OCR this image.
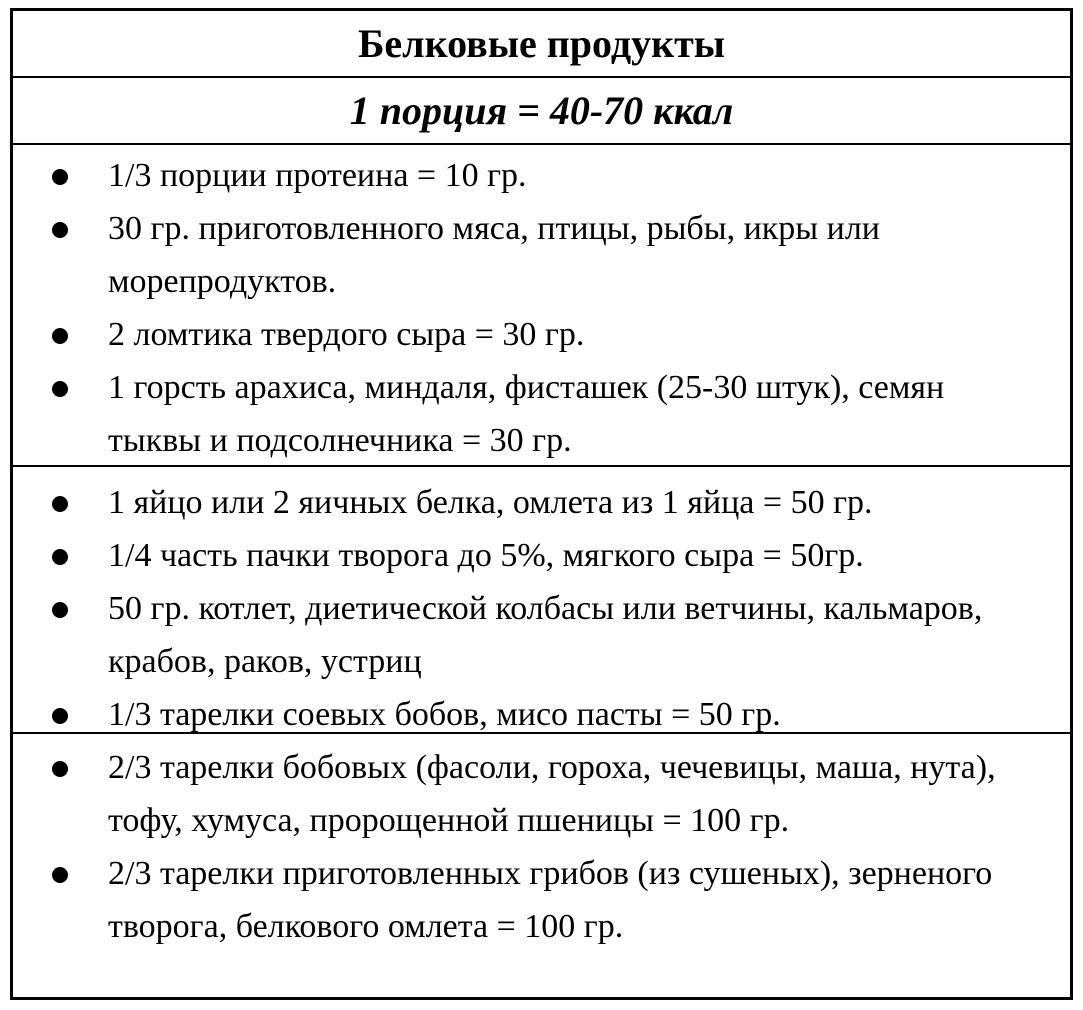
Белковые продукты
1 порция = 40-70 ккал
1/3 порции протеина = 10 гр.
30 гр. приготовленного мяса, птицы, рыбы, икры или морепродуктов.
2 ломтика твердого сыра = 30 гр.
1 горсть арахиса, миндаля, фисташек (25-30 штук), семян тыквы и подсолнечника = 30 гр.
1 яйцо или 2 яичных белка, омлета из 1 яйца = 50 гр.
1/4 часть пачки творога до 5%, мягкого сыра = 50гр.
50 гр. котлет, диетической колбасы или ветчины, кальмаров, крабов, раков, устриц
1/3 тарелки соевых бобов, мисо пасты = 50 гр.
2/3 тарелки бобовых (фасоли, гороха, чечевицы, маша, нута), тофу, хумуса, пророщенной пшеницы = 100 гр.
2/3 тарелки приготовленных грибов (из сушеных), зерненого творога, белкового омлета = 100 гр.
